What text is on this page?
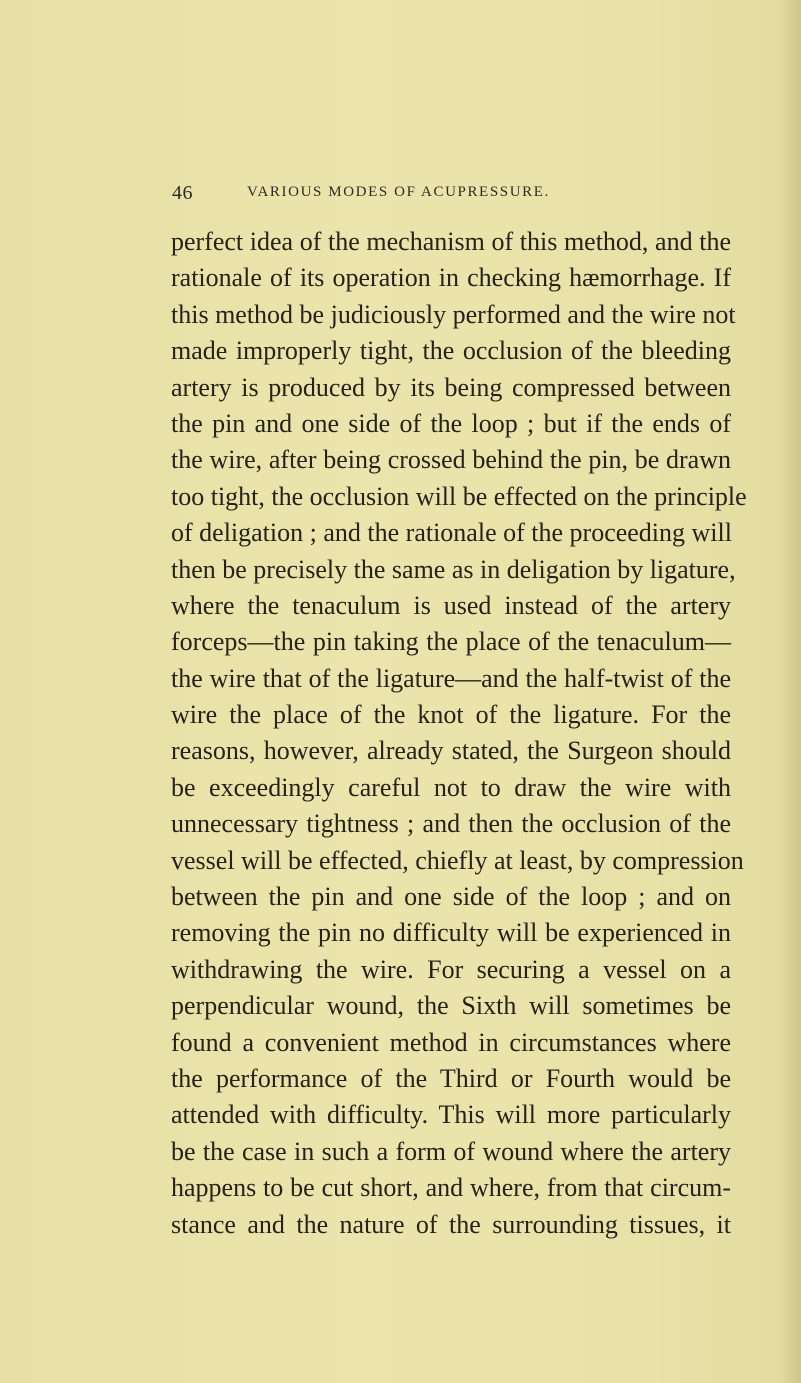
46	VARIOUS MODES OF ACUPRESSURE.
perfect idea of the mechanism of this method, and the
rationale of its operation in checking hæmorrhage. If
this method be judiciously performed and the wire not
made improperly tight, the occlusion of the bleeding
artery is produced by its being compressed between
the pin and one side of the loop ; but if the ends of
the wire, after being crossed behind the pin, be drawn
too tight, the occlusion will be effected on the principle
of deligation ; and the rationale of the proceeding will
then be precisely the same as in deligation by ligature,
where the tenaculum is used instead of the artery
forceps—the pin taking the place of the tenaculum—
the wire that of the ligature—and the half-twist of the
wire the place of the knot of the ligature. For the
reasons, however, already stated, the Surgeon should
be exceedingly careful not to draw the wire with
unnecessary tightness ; and then the occlusion of the
vessel will be effected, chiefly at least, by compression
between the pin and one side of the loop ; and on
removing the pin no difficulty will be experienced in
withdrawing the wire. For securing a vessel on a
perpendicular wound, the Sixth will sometimes be
found a convenient method in circumstances where
the performance of the Third or Fourth would be
attended with difficulty. This will more particularly
be the case in such a form of wound where the artery
happens to be cut short, and where, from that circum-
stance and the nature of the surrounding tissues, it
